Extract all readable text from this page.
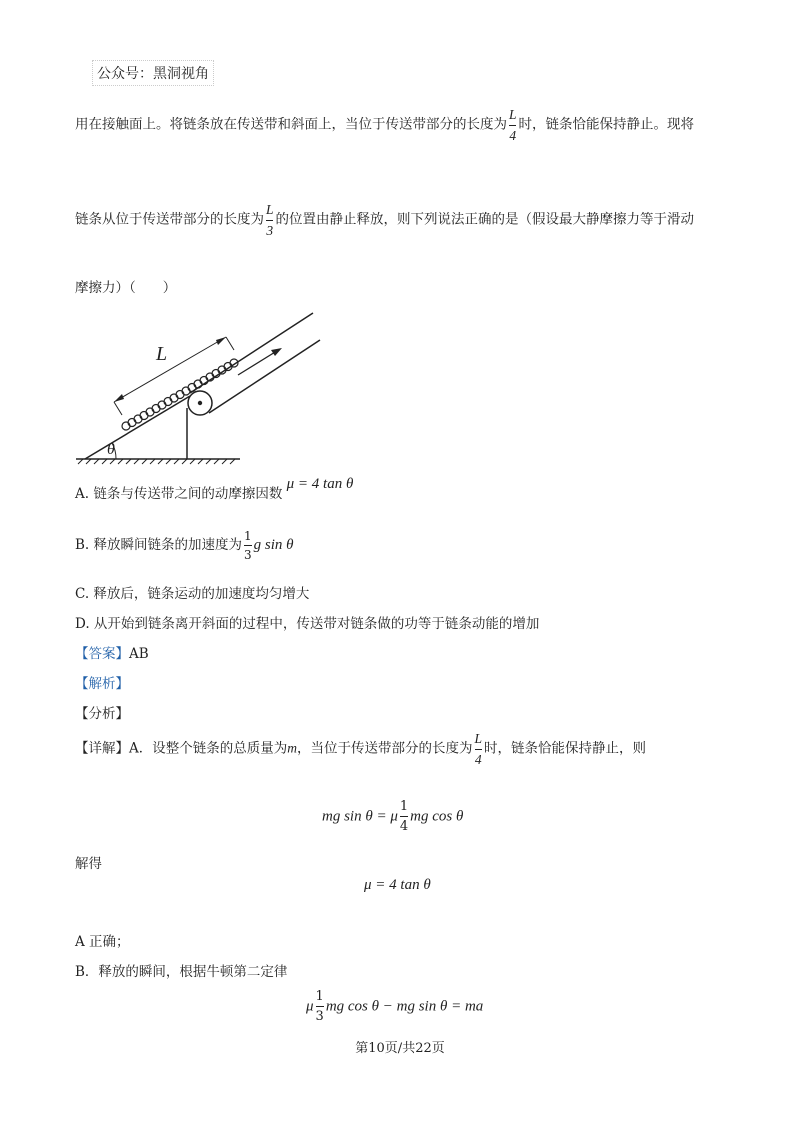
公众号：黑洞视角
用在接触面上。将链条放在传送带和斜面上，当位于传送带部分的长度为 $\frac{L}{4}$ 时，链条恰能保持静止。现将
链条从位于传送带部分的长度为 $\frac{L}{3}$ 的位置由静止释放，则下列说法正确的是（假设最大静摩擦力等于滑动
摩擦力）（　　）
L
θ
A. 链条与传送带之间的动摩擦因数 μ = 4 tan θ
B. 释放瞬间链条的加速度为 $\frac{1}{3}$ g sin θ
C. 释放后，链条运动的加速度均匀增大
D. 从开始到链条离开斜面的过程中，传送带对链条做的功等于链条动能的增加
【答案】AB
【解析】
【分析】
【详解】A．设整个链条的总质量为m，当位于传送带部分的长度为 $\frac{L}{4}$ 时，链条恰能保持静止，则
mg sin θ = μ $\frac{1}{4}$ mg cos θ
解得
μ = 4 tan θ
A 正确；
B．释放的瞬间，根据牛顿第二定律
μ $\frac{1}{3}$ mg cos θ − mg sin θ = ma
第10页/共22页
